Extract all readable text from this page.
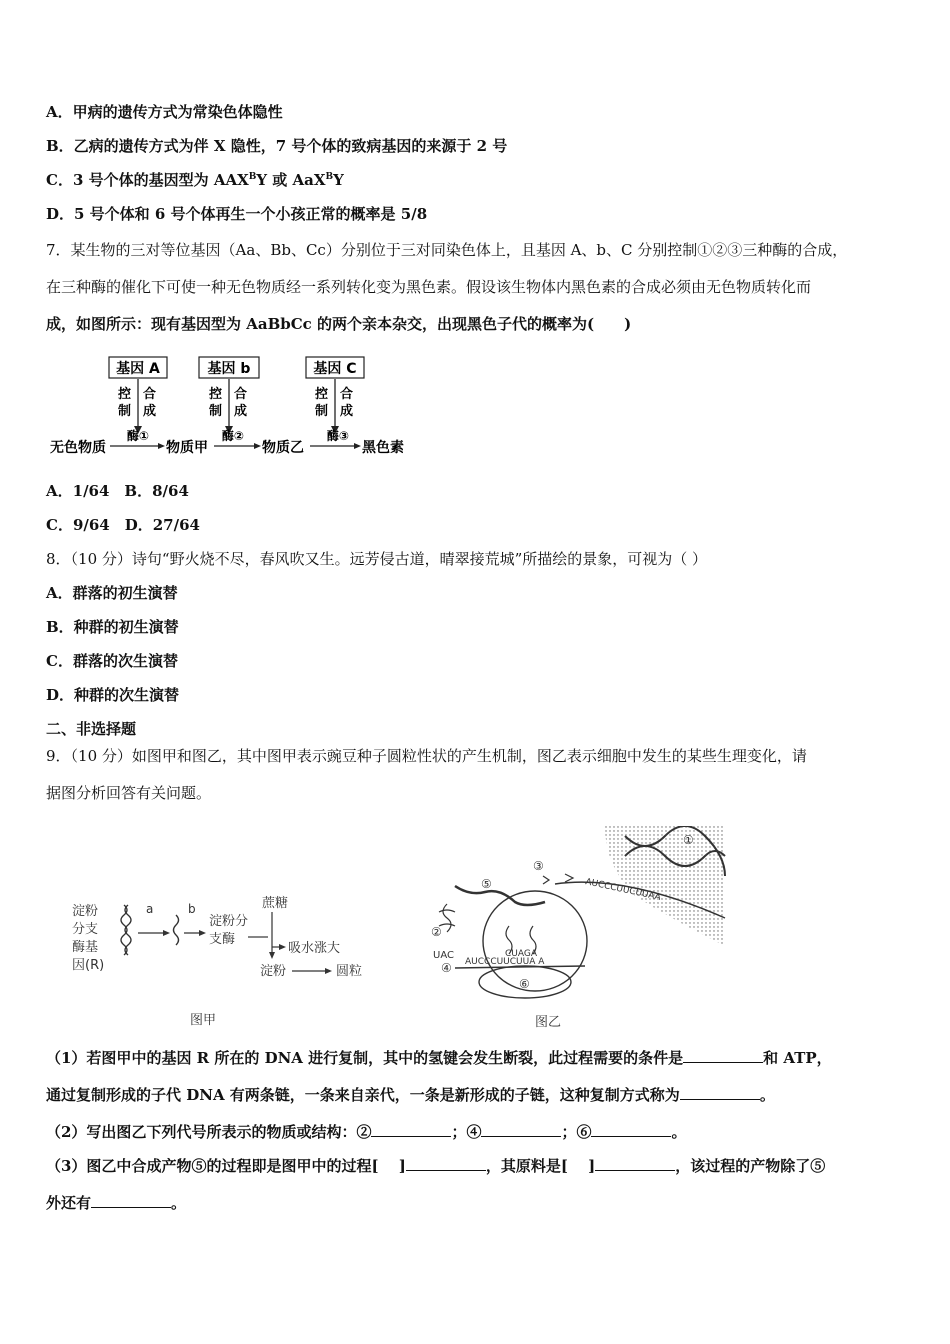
A．甲病的遗传方式为常染色体隐性
B．乙病的遗传方式为伴 X 隐性，7 号个体的致病基因的来源于 2 号
C．3 号个体的基因型为 $AAX^BY$ 或 AaX$^B$Y
D．5 号个体和 6 号个体再生一个小孩正常的概率是 5/8
7．某生物的三对等位基因（Aa、Bb、Cc）分别位于三对同染色体上，且基因 A、b、C 分别控制①②③三种酶的合成，
在三种酶的催化下可使一种无色物质经一系列转化变为黑色素。假设该生物体内黑色素的合成必须由无色物质转化而
成，如图所示：现有基因型为 AaBbCc 的两个亲本杂交，出现黑色子代的概率为(　　)
基因 A	基因 b	基因 C
控
制
合
成
控
制
合
成
控
制
合
成
无色物质
酶①
物质甲
酶②
物质乙
酶③
黑色素
A．1/64　B．8/64
C．9/64　D．27/64
8．（10 分）诗句“野火烧不尽，春风吹又生。远芳侵古道，晴翠接荒城”所描绘的景象，可视为（ ）
A．群落的初生演替
B．种群的初生演替
C．群落的次生演替
D．种群的次生演替
二、非选择题
9．（10 分）如图甲和图乙，其中图甲表示豌豆种子圆粒性状的产生机制，图乙表示细胞中发生的某些生理变化，请
据图分析回答有关问题。
淀粉
分支
酶基
因(R)
a	b
淀粉分
支酶
蔗糖
吸水涨大
淀粉	圆粒
图甲
①
AUCCCUUCUUAA
③
⑤
⑥
②
UAC	CUAGA
④ AUCCCUUCUUA A
图乙
（1）若图甲中的基因 R 所在的 DNA 进行复制，其中的氢键会发生断裂，此过程需要的条件是	和 ATP，
通过复制形成的子代 DNA 有两条链，一条来自亲代，一条是新形成的子链，这种复制方式称为	。
（2）写出图乙下列代号所表示的物质或结构：②	；④	；⑥	。
（3）图乙中合成产物⑤的过程即是图甲中的过程[　 ]	，其原料是[　 ]	，该过程的产物除了⑤
外还有	。
